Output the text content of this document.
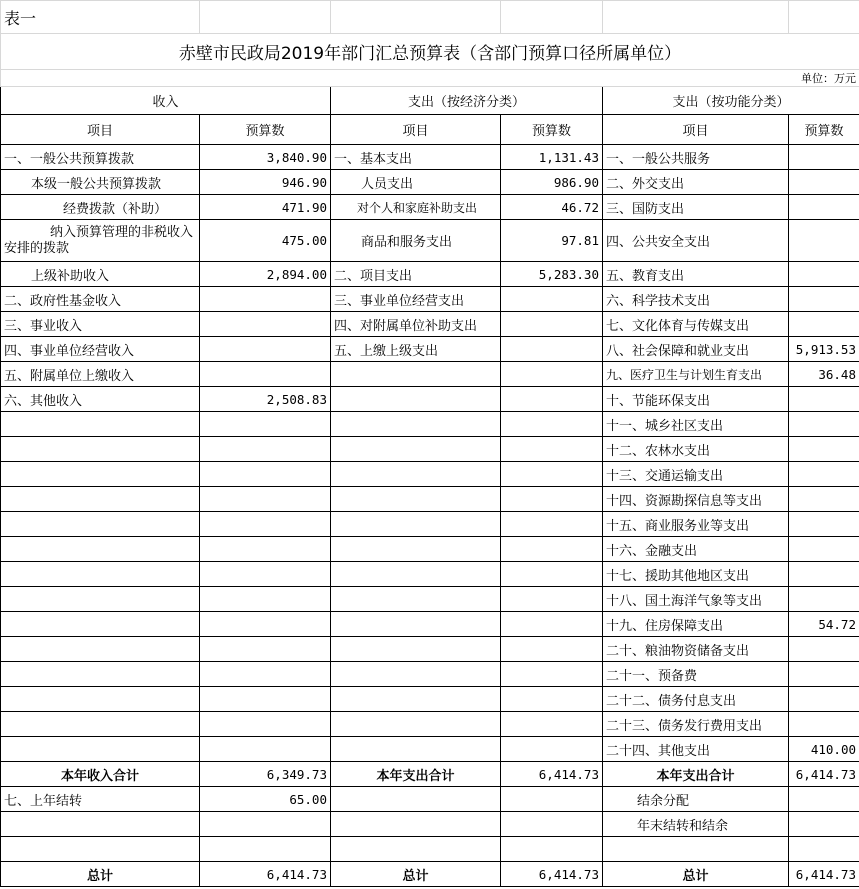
表一					
赤壁市民政局2019年部门汇总预算表（含部门预算口径所属单位）					
单位：万元					
收入		支出（按经济分类）		支出（按功能分类）	
项目	预算数	项目	预算数	项目	预算数
一、一般公共预算拨款	3,840.90	一、基本支出	1,131.43	一、一般公共服务	
本级一般公共预算拨款	946.90	人员支出	986.90	二、外交支出	
经费拨款（补助）	471.90	对个人和家庭补助支出	46.72	三、国防支出	
纳入预算管理的非税收入安排的拨款	475.00	商品和服务支出	97.81	四、公共安全支出	
上级补助收入	2,894.00	二、项目支出	5,283.30	五、教育支出	
二、政府性基金收入		三、事业单位经营支出		六、科学技术支出	
三、事业收入		四、对附属单位补助支出		七、文化体育与传媒支出	
四、事业单位经营收入		五、上缴上级支出		八、社会保障和就业支出	5,913.53
五、附属单位上缴收入				九、医疗卫生与计划生育支出	36.48
六、其他收入	2,508.83			十、节能环保支出	
				十一、城乡社区支出	
				十二、农林水支出	
				十三、交通运输支出	
				十四、资源勘探信息等支出	
				十五、商业服务业等支出	
				十六、金融支出	
				十七、援助其他地区支出	
				十八、国土海洋气象等支出	
				十九、住房保障支出	54.72
				二十、粮油物资储备支出	
				二十一、预备费	
				二十二、债务付息支出	
				二十三、债务发行费用支出	
				二十四、其他支出	410.00
本年收入合计	6,349.73	本年支出合计	6,414.73	本年支出合计	6,414.73
七、上年结转	65.00			结余分配	
				年末结转和结余	

总计	6,414.73	总计	6,414.73	总计	6,414.73
